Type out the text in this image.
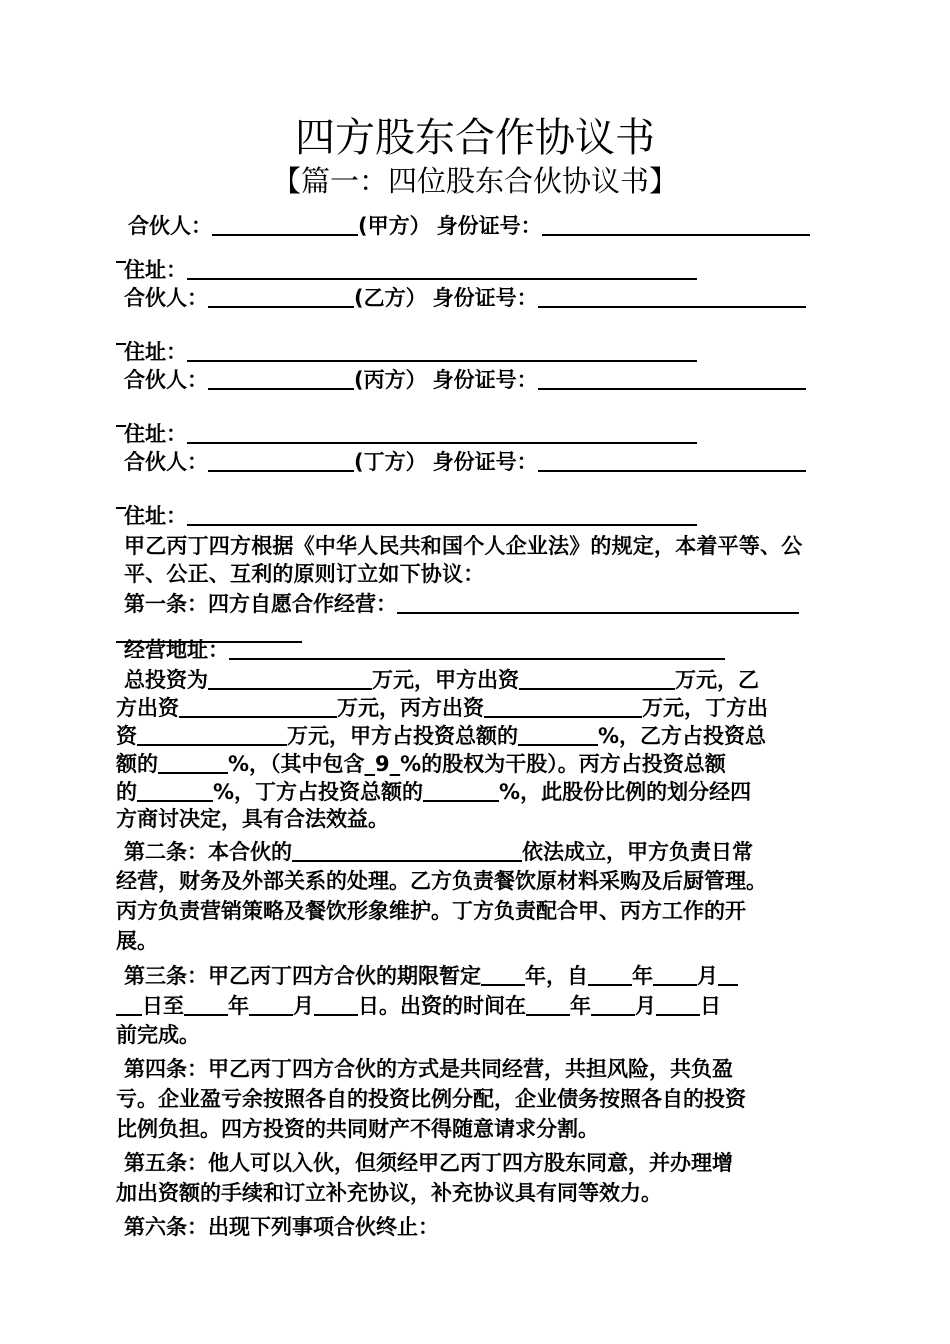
四方股东合作协议书
【篇一：四位股东合伙协议书】
合伙人：	(甲方） 身份证号：
住址：
合伙人：	(乙方） 身份证号：
住址：
合伙人：	(丙方） 身份证号：
住址：
合伙人：	(丁方） 身份证号：
住址：
甲乙丙丁四方根据《中华人民共和国个人企业法》的规定，本着平等、公平、公正、互利的原则订立如下协议：
第一条：四方自愿合作经营：
经营地址：
总投资为	万元，甲方出资	万元，乙
方出资	万元，丙方出资	万元，丁方出
资	万元，甲方占投资总额的	%，乙方占投资总
额的	%，（其中包含_9_%的股权为干股）。丙方占投资总额
的	%，丁方占投资总额的	%，此股份比例的划分经四
方商讨决定，具有合法效益。
第二条：本合伙的	依法成立，甲方负责日常
经营，财务及外部关系的处理。乙方负责餐饮原材料采购及后厨管理。
丙方负责营销策略及餐饮形象维护。丁方负责配合甲、丙方工作的开
展。
第三条：甲乙丙丁四方合伙的期限暂定 年，自 年 月
日至 年 月 日。出资的时间在 年 月 日
前完成。
第四条：甲乙丙丁四方合伙的方式是共同经营，共担风险，共负盈
亏。企业盈亏余按照各自的投资比例分配，企业债务按照各自的投资
比例负担。四方投资的共同财产不得随意请求分割。
第五条：他人可以入伙，但须经甲乙丙丁四方股东同意，并办理增
加出资额的手续和订立补充协议，补充协议具有同等效力。
第六条：出现下列事项合伙终止：
